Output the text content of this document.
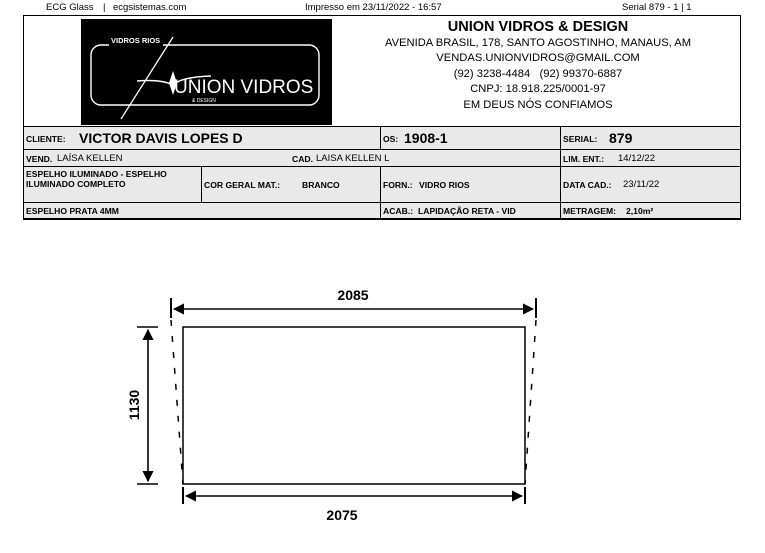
ECG Glass | ecgsistemas.com	Impresso em 23/11/2022 - 16:57	Serial 879 - 1 | 1
VIDROS RIOS
UNION VIDROS
& DESIGN
UNION VIDROS & DESIGN
AVENIDA BRASIL, 178, SANTO AGOSTINHO, MANAUS, AM
VENDAS.UNIONVIDROS@GMAIL.COM
(92) 3238-4484   (92) 99370-6887
CNPJ: 18.918.225/0001-97
EM DEUS NÓS CONFIAMOS
CLIENTE: VICTOR DAVIS LOPES D	OS: 1908-1	SERIAL: 879
VEND. LAÍSA KELLEN	CAD. LAISA KELLEN L	LIM. ENT.: 14/12/22
ESPELHO ILUMINADO - ESPELHO ILUMINADO COMPLETO	COR GERAL MAT.:	BRANCO	FORN.: VIDRO RIOS	DATA CAD.: 23/11/22
ESPELHO PRATA 4MM	ACAB.: LAPIDAÇÃO RETA - VID	METRAGEM: 2,10m²
2085
1130
2075
